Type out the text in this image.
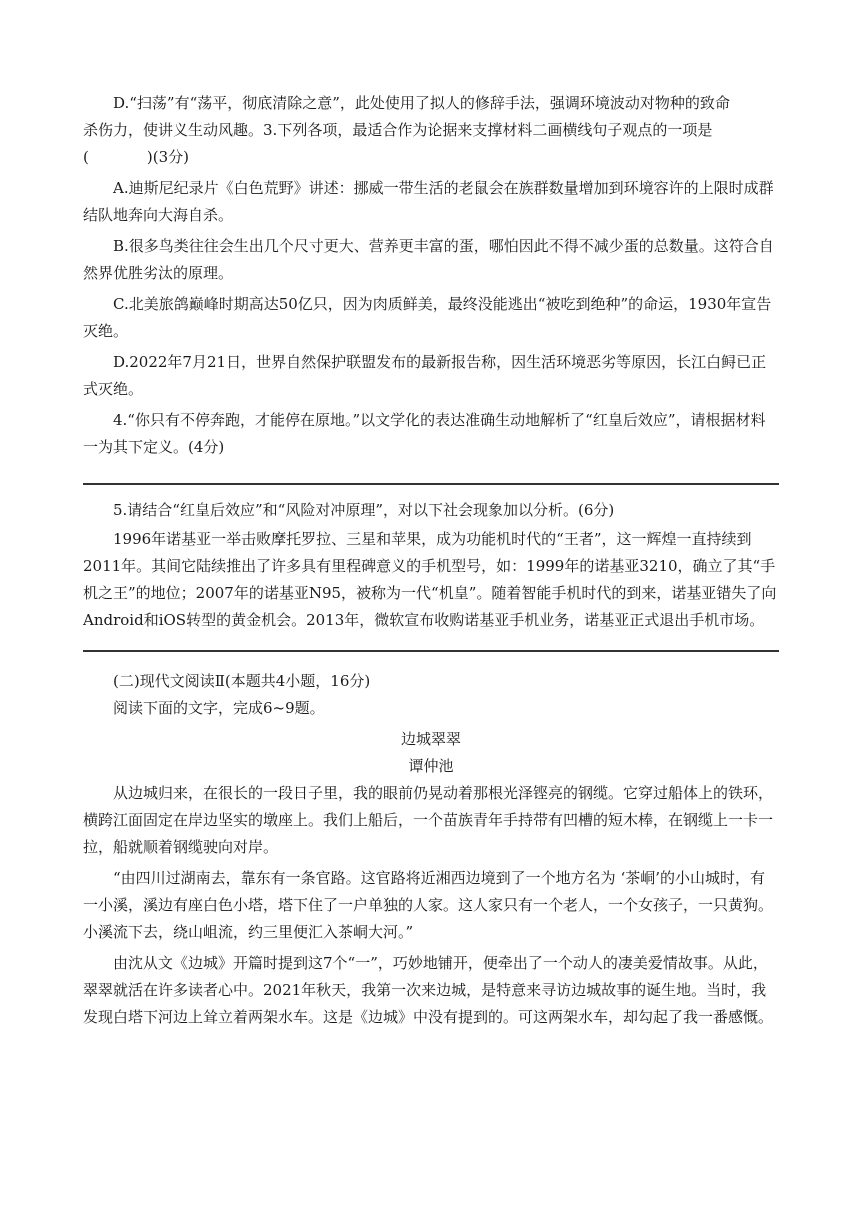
D.“扫荡”有“荡平，彻底清除之意”，此处使用了拟人的修辞手法，强调环境波动对物种的致命

杀伤力，使讲义生动风趣。3.下列各项，最适合作为论据来支撑材料二画横线句子观点的一项是

(	)(3分)

A.迪斯尼纪录片《白色荒野》讲述：挪威一带生活的老鼠会在族群数量增加到环境容许的上限时成群结队地奔向大海自杀。

B.很多鸟类往往会生出几个尺寸更大、营养更丰富的蛋，哪怕因此不得不减少蛋的总数量。这符合自然界优胜劣汰的原理。

C.北美旅鸽巅峰时期高达50亿只，因为肉质鲜美，最终没能逃出“被吃到绝种”的命运，1930年宣告灭绝。

D.2022年7月21日，世界自然保护联盟发布的最新报告称，因生活环境恶劣等原因，长江白鲟已正式灭绝。

4.“你只有不停奔跑，才能停在原地。”以文学化的表达准确生动地解析了“红皇后效应”，请根据材料一为其下定义。(4分)

5.请结合“红皇后效应”和“风险对冲原理”，对以下社会现象加以分析。(6分)

1996年诺基亚一举击败摩托罗拉、三星和苹果，成为功能机时代的“王者”，这一辉煌一直持续到2011年。其间它陆续推出了许多具有里程碑意义的手机型号，如：1999年的诺基亚3210，确立了其“手机之王”的地位；2007年的诺基亚N95，被称为一代“机皇”。随着智能手机时代的到来，诺基亚错失了向Android和iOS转型的黄金机会。2013年，微软宣布收购诺基亚手机业务，诺基亚正式退出手机市场。

(二)现代文阅读Ⅱ(本题共4小题，16分)

阅读下面的文字，完成6~9题。

边城翠翠

谭仲池

从边城归来，在很长的一段日子里，我的眼前仍晃动着那根光泽铿亮的钢缆。它穿过船体上的铁环，横跨江面固定在岸边坚实的墩座上。我们上船后，一个苗族青年手持带有凹槽的短木棒，在钢缆上一卡一拉，船就顺着钢缆驶向对岸。

“由四川过湖南去，靠东有一条官路。这官路将近湘西边境到了一个地方名为 ‘茶峒’的小山城时，有一小溪，溪边有座白色小塔，塔下住了一户单独的人家。这人家只有一个老人，一个女孩子，一只黄狗。小溪流下去，绕山岨流，约三里便汇入茶峒大河。”

由沈从文《边城》开篇时提到这7个“一”，巧妙地铺开，便牵出了一个动人的凄美爱情故事。从此，翠翠就活在许多读者心中。2021年秋天，我第一次来边城，是特意来寻访边城故事的诞生地。当时，我发现白塔下河边上耸立着两架水车。这是《边城》中没有提到的。可这两架水车，却勾起了我一番感慨。
